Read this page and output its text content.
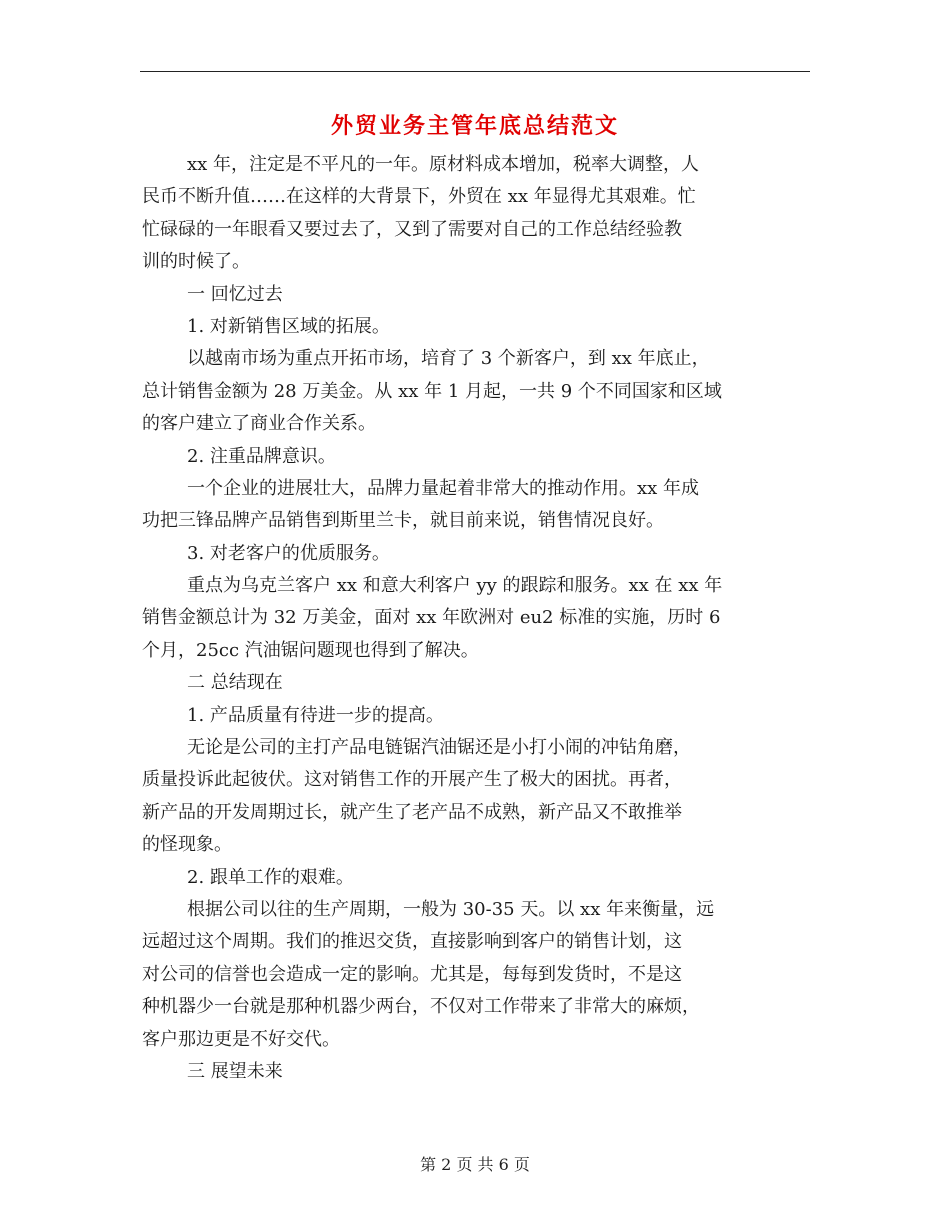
外贸业务主管年底总结范文
xx 年，注定是不平凡的一年。原材料成本增加，税率大调整，人
民币不断升值……在这样的大背景下，外贸在 xx 年显得尤其艰难。忙
忙碌碌的一年眼看又要过去了，又到了需要对自己的工作总结经验教
训的时候了。
一 回忆过去
1. 对新销售区域的拓展。
以越南市场为重点开拓市场，培育了 3 个新客户，到 xx 年底止，
总计销售金额为 28 万美金。从 xx 年 1 月起，一共 9 个不同国家和区域
的客户建立了商业合作关系。
2. 注重品牌意识。
一个企业的进展壮大，品牌力量起着非常大的推动作用。xx 年成
功把三锋品牌产品销售到斯里兰卡，就目前来说，销售情况良好。
3. 对老客户的优质服务。
重点为乌克兰客户 xx 和意大利客户 yy 的跟踪和服务。xx 在 xx 年
销售金额总计为 32 万美金，面对 xx 年欧洲对 eu2 标准的实施，历时 6
个月，25cc 汽油锯问题现也得到了解决。
二 总结现在
1. 产品质量有待进一步的提高。
无论是公司的主打产品电链锯汽油锯还是小打小闹的冲钻角磨，
质量投诉此起彼伏。这对销售工作的开展产生了极大的困扰。再者，
新产品的开发周期过长，就产生了老产品不成熟，新产品又不敢推举
的怪现象。
2. 跟单工作的艰难。
根据公司以往的生产周期，一般为 30-35 天。以 xx 年来衡量，远
远超过这个周期。我们的推迟交货，直接影响到客户的销售计划，这
对公司的信誉也会造成一定的影响。尤其是，每每到发货时，不是这
种机器少一台就是那种机器少两台，不仅对工作带来了非常大的麻烦，
客户那边更是不好交代。
三 展望未来
第 2 页 共 6 页
